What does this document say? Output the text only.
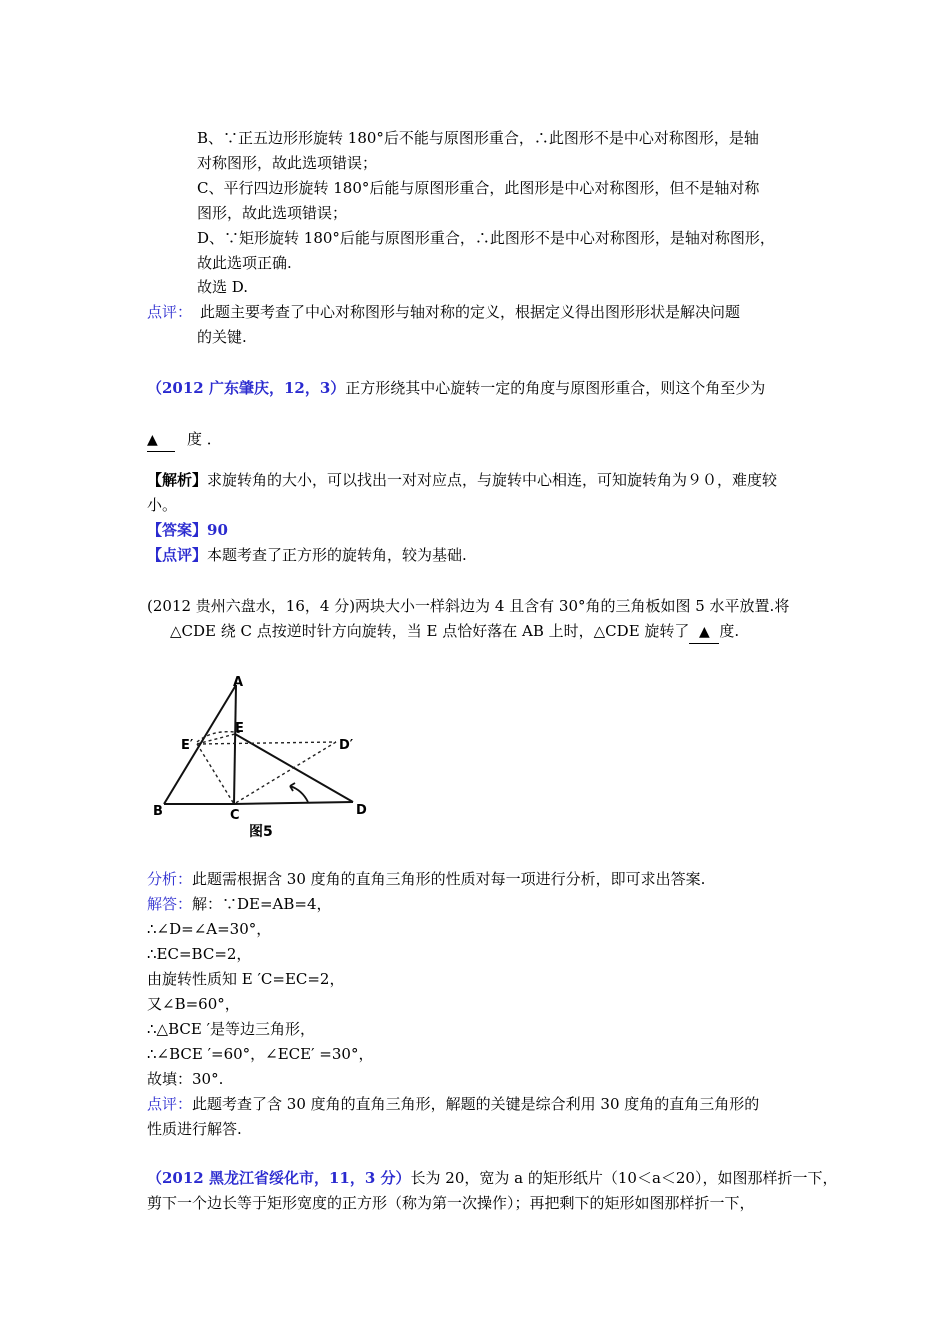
B、∵正五边形形旋转 180°后不能与原图形重合，∴此图形不是中心对称图形，是轴
对称图形，故此选项错误；
C、平行四边形旋转 180°后能与原图形重合，此图形是中心对称图形，但不是轴对称
图形，故此选项错误；
D、∵矩形旋转 180°后能与原图形重合，∴此图形不是中心对称图形，是轴对称图形，
故此选项正确.
故选 D.
点评： 此题主要考查了中心对称图形与轴对称的定义，根据定义得出图形形状是解决问题
的关键.
（2012 广东肇庆，12，3）正方形绕其中心旋转一定的角度与原图形重合，则这个角至少为
▲ 度 ．
【解析】求旋转角的大小，可以找出一对对应点，与旋转中心相连，可知旋转角为９０，难度较
小。
【答案】90
【点评】本题考查了正方形的旋转角，较为基础.
(2012 贵州六盘水，16，4 分)两块大小一样斜边为 4 且含有 30°角的三角板如图 5 水平放置.将
△CDE 绕 C 点按逆时针方向旋转，当 E 点恰好落在 AB 上时，△CDE 旋转了 ▲ 度.
A
B	C	D
E
E′	D′
图5
分析：此题需根据含 30 度角的直角三角形的性质对每一项进行分析，即可求出答案.
解答：解：∵DE=AB=4，
∴∠D=∠A=30°，
∴EC=BC=2，
由旋转性质知 E ′C=EC=2，
又∠B=60°，
∴△BCE ′是等边三角形，
∴∠BCE ′=60°，∠ECE′ =30°，
故填：30°.
点评：此题考查了含 30 度角的直角三角形，解题的关键是综合利用 30 度角的直角三角形的
性质进行解答.
（2012 黑龙江省绥化市，11，3 分）长为 20，宽为 a 的矩形纸片（10＜a＜20），如图那样折一下，
剪下一个边长等于矩形宽度的正方形（称为第一次操作）；再把剩下的矩形如图那样折一下，
